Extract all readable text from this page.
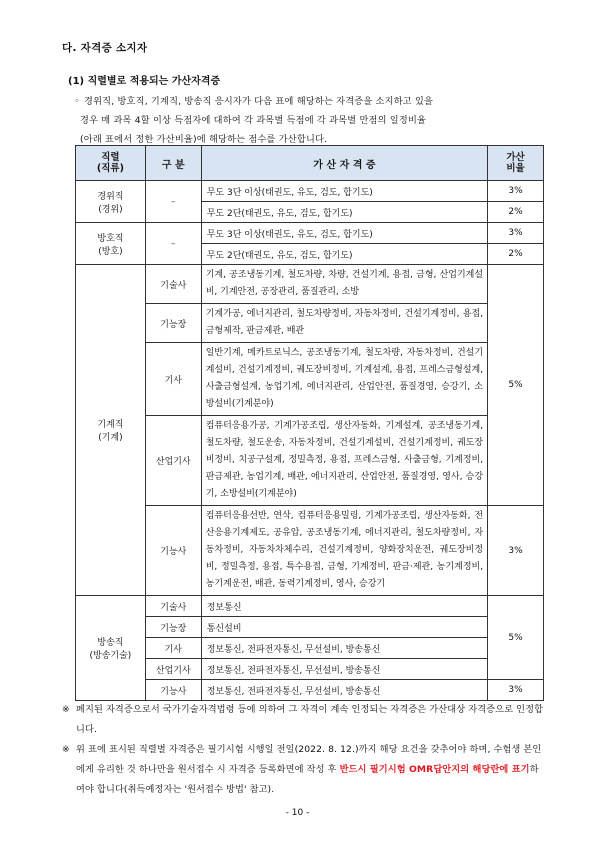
다. 자격증 소지자
(1) 직렬별로 적용되는 가산자격증
◦ 경위직, 방호직, 기계직, 방송직 응시자가 다음 표에 해당하는 자격증을 소지하고 있을
경우 매 과목 4할 이상 득점자에 대하여 각 과목별 득점에 각 과목별 만점의 일정비율
(아래 표에서 정한 가산비율)에 해당하는 점수를 가산합니다.
직렬
(직류)	구 분	가 산 자 격 증	가산
비율
경위직
(경위)	–	무도 3단 이상(태권도, 유도, 검도, 합기도)	3%
		무도 2단(태권도, 유도, 검도, 합기도)	2%
방호직
(방호)	–	무도 3단 이상(태권도, 유도, 검도, 합기도)	3%
		무도 2단(태권도, 유도, 검도, 합기도)	2%
기계직
(기계)	기술사	기계, 공조냉동기계, 철도차량, 차량, 건설기계, 용접, 금형, 산업기계설비, 기계안전, 공장관리, 품질관리, 소방	5%
	기능장	기계가공, 에너지관리, 철도차량정비, 자동차정비, 건설기계정비, 용접, 금형제작, 판금제관, 배관	
	기사	일반기계, 메카트로닉스, 공조냉동기계, 철도차량, 자동차정비, 건설기계설비, 건설기계정비, 궤도장비정비, 기계설계, 용접, 프레스금형설계, 사출금형설계, 농업기계, 에너지관리, 산업안전, 품질경영, 승강기, 소방설비(기계분야)	
	산업기사	컴퓨터응용가공, 기계가공조립, 생산자동화, 기계설계, 공조냉동기계, 철도차량, 철도운송, 자동차정비, 건설기계설비, 건설기계정비, 궤도장비정비, 치공구설계, 정밀측정, 용접, 프레스금형, 사출금형, 기계정비, 판금제관, 농업기계, 배관, 에너지관리, 산업안전, 품질경영, 영사, 승강기, 소방설비(기계분야)	
	기능사	컴퓨터응용선반, 연삭, 컴퓨터응용밀링, 기계가공조립, 생산자동화, 전산응용기계제도, 공유압, 공조냉동기계, 에너지관리, 철도차량정비, 자동차정비, 자동차차체수리, 건설기계정비, 양화장치운전, 궤도장비정비, 정밀측정, 용접, 특수용접, 금형, 기계정비, 판금·제관, 농기계정비, 농기계운전, 배관, 동력기계정비, 영사, 승강기	3%
방송직
(방송기술)	기술사	정보통신	5%
	기능장	통신설비	
	기사	정보통신, 전파전자통신, 무선설비, 방송통신	
	산업기사	정보통신, 전파전자통신, 무선설비, 방송통신	
	기능사	정보통신, 전파전자통신, 무선설비, 방송통신	3%
※ 폐지된 자격증으로서 국가기술자격법령 등에 의하여 그 자격이 계속 인정되는 자격증은 가산대상 자격증으로 인정합니다.
※ 위 표에 표시된 직렬별 자격증은 필기시험 시행일 전일(2022. 8. 12.)까지 해당 요건을 갖추어야 하며, 수험생 본인에게 유리한 것 하나만을 원서접수 시 자격증 등록화면에 작성 후 반드시 필기시험 OMR답안지의 해당란에 표기하여야 합니다(취득예정자는 '원서접수 방법' 참고).
- 10 -
